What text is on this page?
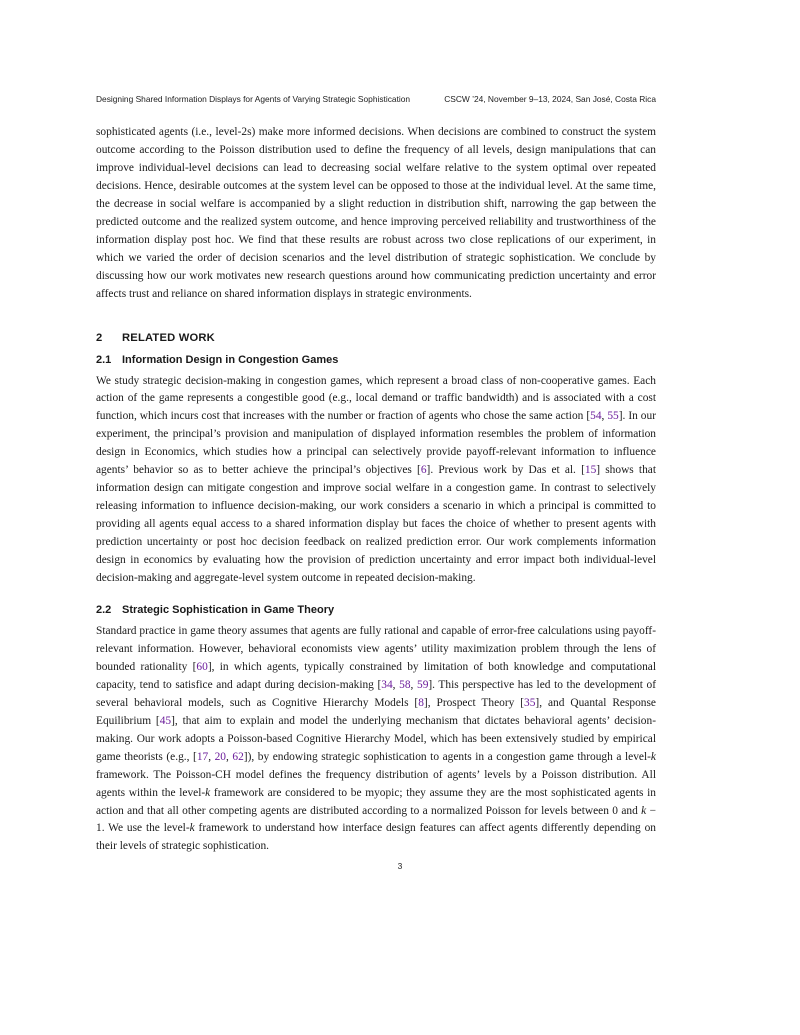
Designing Shared Information Displays for Agents of Varying Strategic Sophistication	CSCW ’24, November 9–13, 2024, San José, Costa Rica

sophisticated agents (i.e., level-2s) make more informed decisions. When decisions are combined to construct the system outcome according to the Poisson distribution used to define the frequency of all levels, design manipulations that can improve individual-level decisions can lead to decreasing social welfare relative to the system optimal over repeated decisions. Hence, desirable outcomes at the system level can be opposed to those at the individual level. At the same time, the decrease in social welfare is accompanied by a slight reduction in distribution shift, narrowing the gap between the predicted outcome and the realized system outcome, and hence improving perceived reliability and trustworthiness of the information display post hoc. We find that these results are robust across two close replications of our experiment, in which we varied the order of decision scenarios and the level distribution of strategic sophistication. We conclude by discussing how our work motivates new research questions around how communicating prediction uncertainty and error affects trust and reliance on shared information displays in strategic environments.

2 RELATED WORK
2.1 Information Design in Congestion Games

We study strategic decision-making in congestion games, which represent a broad class of non-cooperative games. Each action of the game represents a congestible good (e.g., local demand or traffic bandwidth) and is associated with a cost function, which incurs cost that increases with the number or fraction of agents who chose the same action [54, 55]. In our experiment, the principal’s provision and manipulation of displayed information resembles the problem of information design in Economics, which studies how a principal can selectively provide payoff-relevant information to influence agents’ behavior so as to better achieve the principal’s objectives [6]. Previous work by Das et al. [15] shows that information design can mitigate congestion and improve social welfare in a congestion game. In contrast to selectively releasing information to influence decision-making, our work considers a scenario in which a principal is committed to providing all agents equal access to a shared information display but faces the choice of whether to present agents with prediction uncertainty or post hoc decision feedback on realized prediction error. Our work complements information design in economics by evaluating how the provision of prediction uncertainty and error impact both individual-level decision-making and aggregate-level system outcome in repeated decision-making.

2.2 Strategic Sophistication in Game Theory

Standard practice in game theory assumes that agents are fully rational and capable of error-free calculations using payoff-relevant information. However, behavioral economists view agents’ utility maximization problem through the lens of bounded rationality [60], in which agents, typically constrained by limitation of both knowledge and computational capacity, tend to satisfice and adapt during decision-making [34, 58, 59]. This perspective has led to the development of several behavioral models, such as Cognitive Hierarchy Models [8], Prospect Theory [35], and Quantal Response Equilibrium [45], that aim to explain and model the underlying mechanism that dictates behavioral agents’ decision-making. Our work adopts a Poisson-based Cognitive Hierarchy Model, which has been extensively studied by empirical game theorists (e.g., [17, 20, 62]), by endowing strategic sophistication to agents in a congestion game through a level-k framework. The Poisson-CH model defines the frequency distribution of agents’ levels by a Poisson distribution. All agents within the level-k framework are considered to be myopic; they assume they are the most sophisticated agents in action and that all other competing agents are distributed according to a normalized Poisson for levels between 0 and k − 1. We use the level-k framework to understand how interface design features can affect agents differently depending on their levels of strategic sophistication.

3
